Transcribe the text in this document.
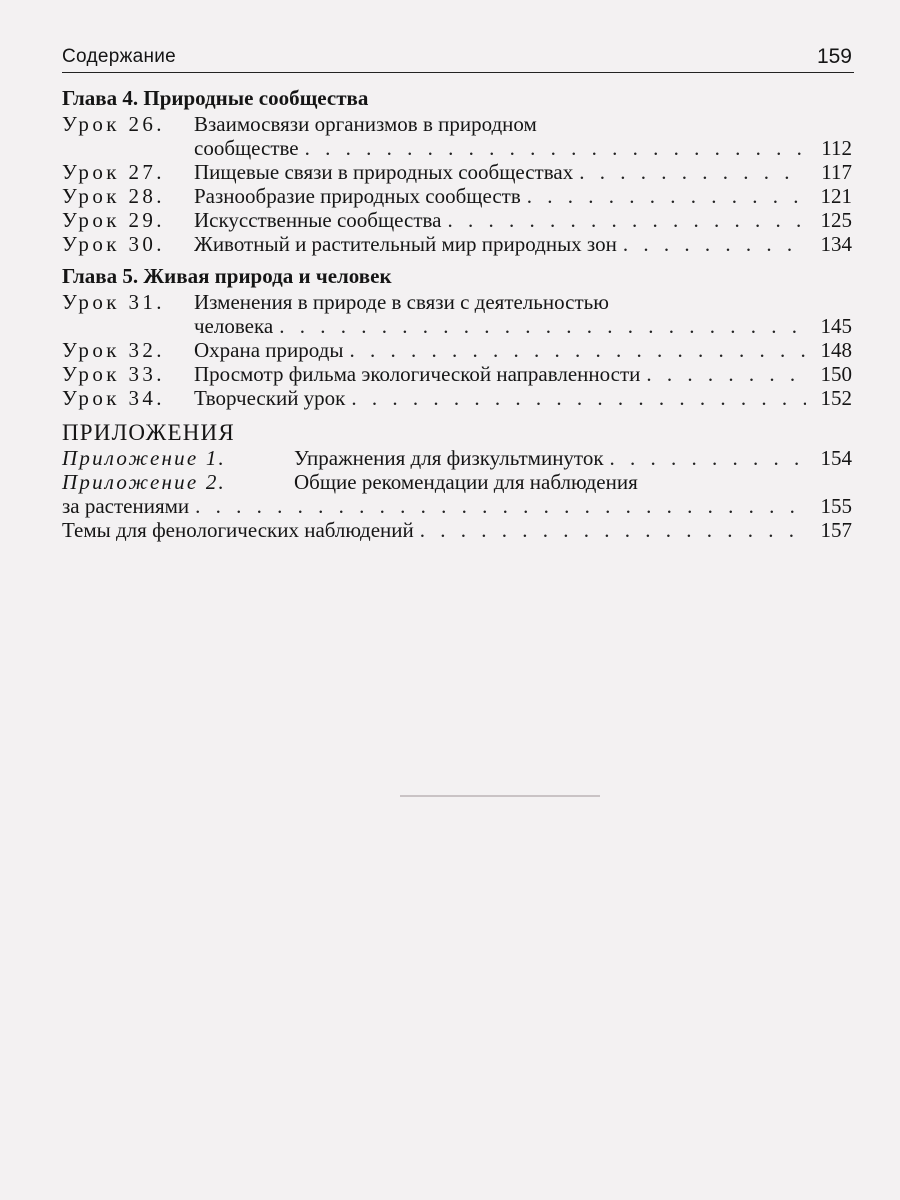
Содержание	159
Глава 4. Природные сообщества
Урок 26.	Взаимосвязи организмов в природном
сообществе . . .	112
Урок 27.	Пищевые связи в природных сообществах . . .	117
Урок 28.	Разнообразие природных сообществ . . .	121
Урок 29.	Искусственные сообщества . . .	125
Урок 30.	Животный и растительный мир природных зон . . .	134
Глава 5. Живая природа и человек
Урок 31.	Изменения в природе в связи с деятельностью
человека . . .	145
Урок 32.	Охрана природы . . .	148
Урок 33.	Просмотр фильма экологической направленности . . .	150
Урок 34.	Творческий урок . . .	152
ПРИЛОЖЕНИЯ
Приложение 1.	Упражнения для физкультминуток . . .	154
Приложение 2.	Общие рекомендации для наблюдения
за растениями . . .	155
Темы для фенологических наблюдений . . .	157
